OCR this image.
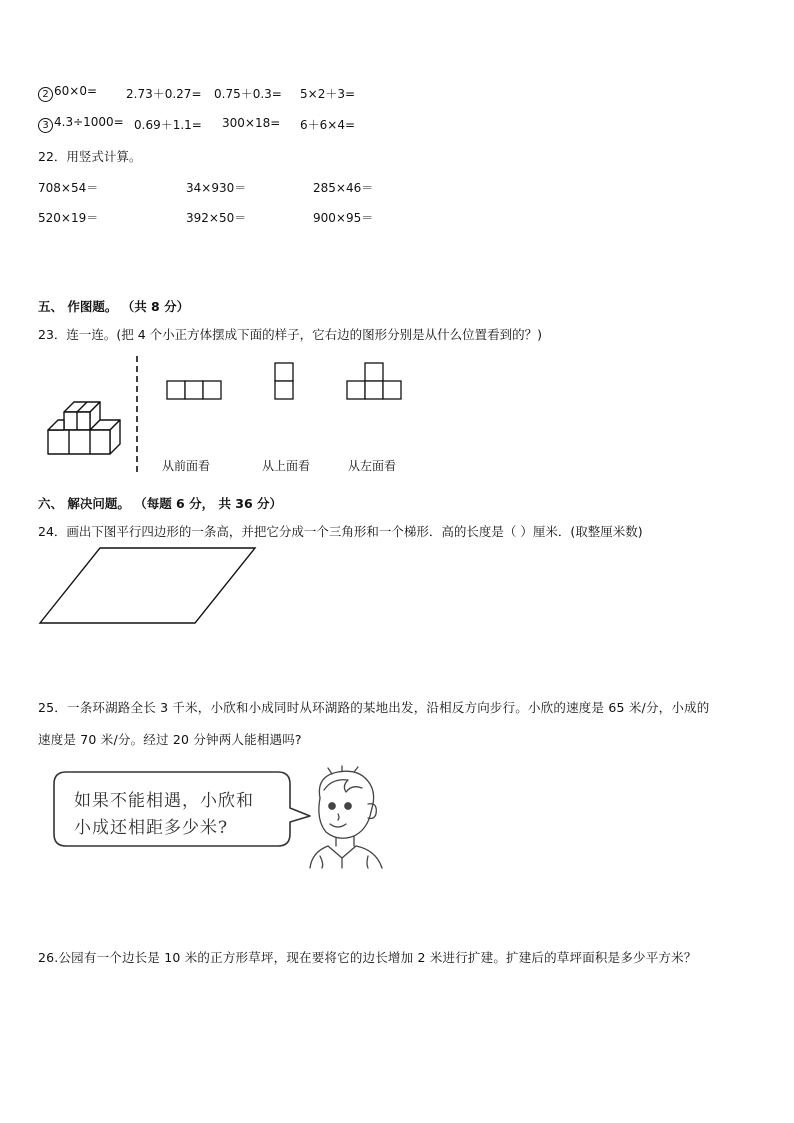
2 60×0= 2.73＋0.27= 0.75＋0.3= 5×2＋3=
3 4.3÷1000= 0.69＋1.1= 300×18= 6＋6×4=
22．用竖式计算。
708×54＝	34×930＝	285×46＝
520×19＝	392×50＝	900×95＝
五、 作图题。 （共 8 分）
23．连一连。(把 4 个小正方体摆成下面的样子，它右边的图形分别是从什么位置看到的？)
从前面看	从上面看	从左面看
六、 解决问题。 （每题 6 分， 共 36 分）
24．画出下图平行四边形的一条高，并把它分成一个三角形和一个梯形．高的长度是（ ）厘米．(取整厘米数)
25．一条环湖路全长 3 千米，小欣和小成同时从环湖路的某地出发，沿相反方向步行。小欣的速度是 65 米/分，小成的
速度是 70 米/分。经过 20 分钟两人能相遇吗?
如果不能相遇，小欣和
小成还相距多少米?
26.公园有一个边长是 10 米的正方形草坪，现在要将它的边长增加 2 米进行扩建。扩建后的草坪面积是多少平方米？
